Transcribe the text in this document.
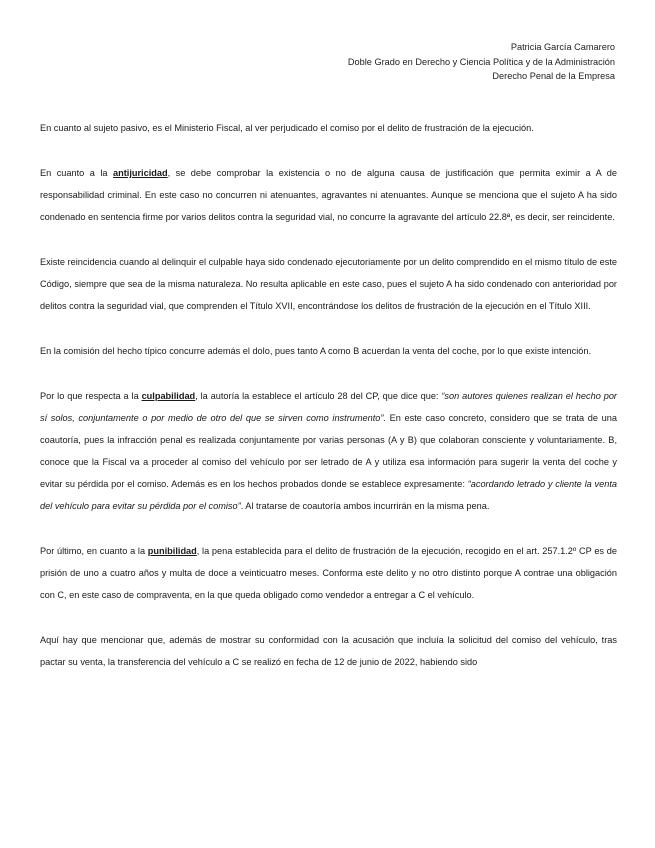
Patricia García Camarero
Doble Grado en Derecho y Ciencia Política y de la Administración
Derecho Penal de la Empresa

En cuanto al sujeto pasivo, es el Ministerio Fiscal, al ver perjudicado el comiso por el delito de frustración de la ejecución.

En cuanto a la antijuricidad, se debe comprobar la existencia o no de alguna causa de justificación que permita eximir a A de responsabilidad criminal. En este caso no concurren ni atenuantes, agravantes ni atenuantes. Aunque se menciona que el sujeto A ha sido condenado en sentencia firme por varios delitos contra la seguridad vial, no concurre la agravante del artículo 22.8ª, es decir, ser reincidente.

Existe reincidencia cuando al delinquir el culpable haya sido condenado ejecutoriamente por un delito comprendido en el mismo título de este Código, siempre que sea de la misma naturaleza. No resulta aplicable en este caso, pues el sujeto A ha sido condenado con anterioridad por delitos contra la seguridad vial, que comprenden el Título XVII, encontrándose los delitos de frustración de la ejecución en el Título XIII.

En la comisión del hecho típico concurre además el dolo, pues tanto A como B acuerdan la venta del coche, por lo que existe intención.

Por lo que respecta a la culpabilidad, la autoría la establece el artículo 28 del CP, que dice que: “son autores quienes realizan el hecho por sí solos, conjuntamente o por medio de otro del que se sirven como instrumento”. En este caso concreto, considero que se trata de una coautoría, pues la infracción penal es realizada conjuntamente por varias personas (A y B) que colaboran consciente y voluntariamente. B, conoce que la Fiscal va a proceder al comiso del vehículo por ser letrado de A y utiliza esa información para sugerir la venta del coche y evitar su pérdida por el comiso. Además es en los hechos probados donde se establece expresamente: “acordando letrado y cliente la venta del vehículo para evitar su pérdida por el comiso”. Al tratarse de coautoría ambos incurrirán en la misma pena.

Por último, en cuanto a la punibilidad, la pena establecida para el delito de frustración de la ejecución, recogido en el art. 257.1.2º CP es de prisión de uno a cuatro años y multa de doce a veinticuatro meses. Conforma este delito y no otro distinto porque A contrae una obligación con C, en este caso de compraventa, en la que queda obligado como vendedor a entregar a C el vehículo.

Aquí hay que mencionar que, además de mostrar su conformidad con la acusación que incluía la solicitud del comiso del vehículo, tras pactar su venta, la transferencia del vehículo a C se realizó en fecha de 12 de junio de 2022, habiendo sido
